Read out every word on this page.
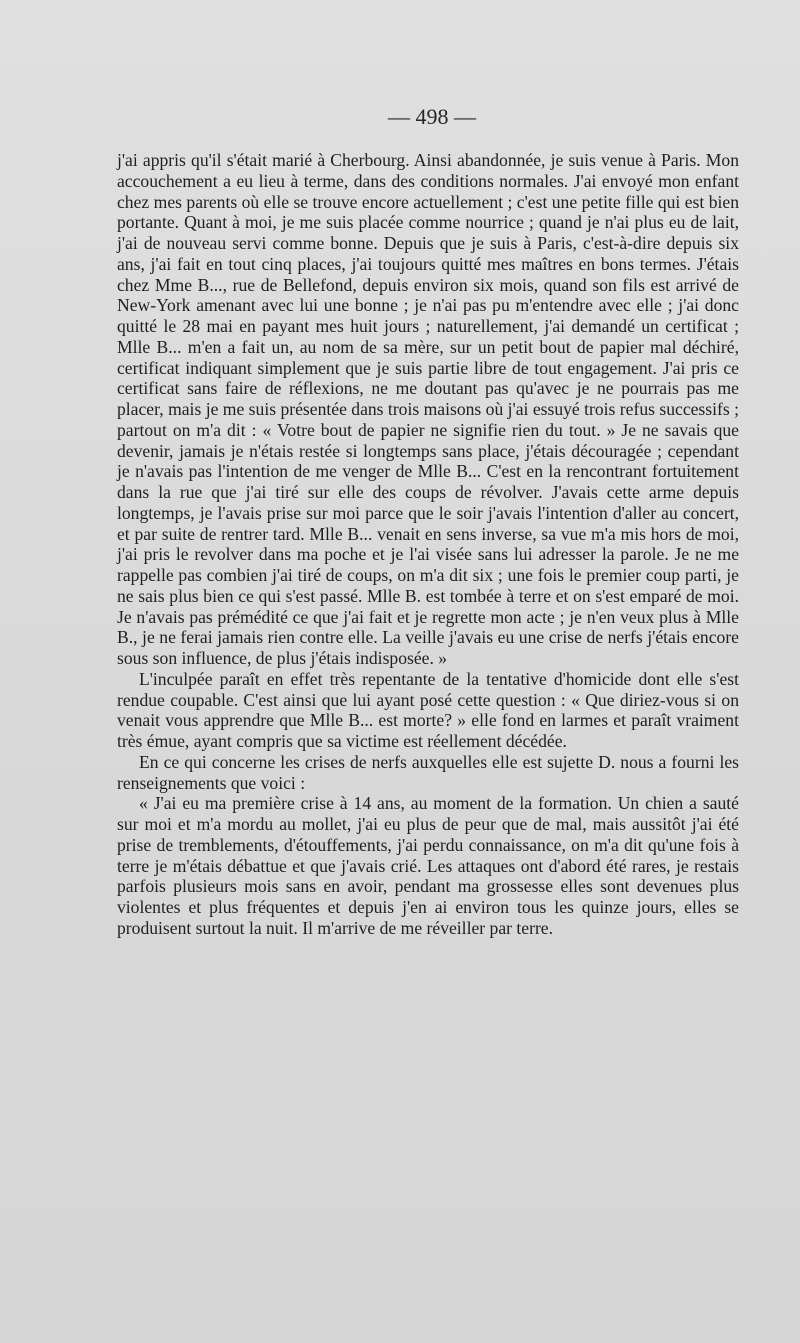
— 498 —

j'ai appris qu'il s'était marié à Cherbourg. Ainsi abandonnée, je suis venue à Paris. Mon accouchement a eu lieu à terme, dans des conditions normales. J'ai envoyé mon enfant chez mes parents où elle se trouve encore actuellement ; c'est une petite fille qui est bien portante. Quant à moi, je me suis placée comme nourrice ; quand je n'ai plus eu de lait, j'ai de nouveau servi comme bonne. Depuis que je suis à Paris, c'est-à-dire depuis six ans, j'ai fait en tout cinq places, j'ai toujours quitté mes maîtres en bons termes. J'étais chez Mme B..., rue de Bellefond, depuis environ six mois, quand son fils est arrivé de New-York amenant avec lui une bonne ; je n'ai pas pu m'entendre avec elle ; j'ai donc quitté le 28 mai en payant mes huit jours ; naturellement, j'ai demandé un certificat ; Mlle B... m'en a fait un, au nom de sa mère, sur un petit bout de papier mal déchiré, certificat indiquant simplement que je suis partie libre de tout engagement. J'ai pris ce certificat sans faire de réflexions, ne me doutant pas qu'avec je ne pourrais pas me placer, mais je me suis présentée dans trois maisons où j'ai essuyé trois refus successifs ; partout on m'a dit : « Votre bout de papier ne signifie rien du tout. » Je ne savais que devenir, jamais je n'étais restée si longtemps sans place, j'étais découragée ; cependant je n'avais pas l'intention de me venger de Mlle B... C'est en la rencontrant fortuitement dans la rue que j'ai tiré sur elle des coups de révolver. J'avais cette arme depuis longtemps, je l'avais prise sur moi parce que le soir j'avais l'intention d'aller au concert, et par suite de rentrer tard. Mlle B... venait en sens inverse, sa vue m'a mis hors de moi, j'ai pris le revolver dans ma poche et je l'ai visée sans lui adresser la parole. Je ne me rappelle pas combien j'ai tiré de coups, on m'a dit six ; une fois le premier coup parti, je ne sais plus bien ce qui s'est passé. Mlle B. est tombée à terre et on s'est emparé de moi. Je n'avais pas prémédité ce que j'ai fait et je regrette mon acte ; je n'en veux plus à Mlle B., je ne ferai jamais rien contre elle. La veille j'avais eu une crise de nerfs j'étais encore sous son influence, de plus j'étais indisposée. »

L'inculpée paraît en effet très repentante de la tentative d'homicide dont elle s'est rendue coupable. C'est ainsi que lui ayant posé cette question : « Que diriez-vous si on venait vous apprendre que Mlle B... est morte? » elle fond en larmes et paraît vraiment très émue, ayant compris que sa victime est réellement décédée.

En ce qui concerne les crises de nerfs auxquelles elle est sujette D. nous a fourni les renseignements que voici :

« J'ai eu ma première crise à 14 ans, au moment de la formation. Un chien a sauté sur moi et m'a mordu au mollet, j'ai eu plus de peur que de mal, mais aussitôt j'ai été prise de tremblements, d'étouffements, j'ai perdu connaissance, on m'a dit qu'une fois à terre je m'étais débattue et que j'avais crié. Les attaques ont d'abord été rares, je restais parfois plusieurs mois sans en avoir, pendant ma grossesse elles sont devenues plus violentes et plus fréquentes et depuis j'en ai environ tous les quinze jours, elles se produisent surtout la nuit. Il m'arrive de me réveiller par terre.
